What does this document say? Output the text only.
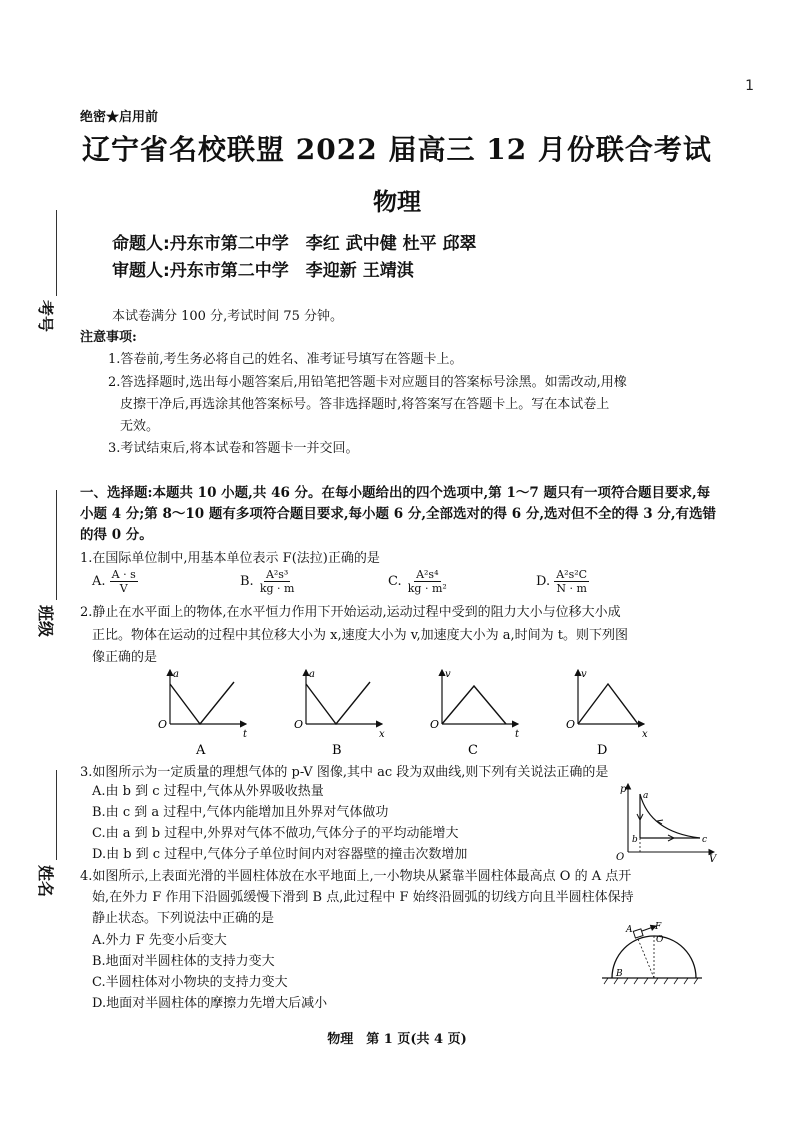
1
绝密★启用前
辽宁省名校联盟 2022 届高三 12 月份联合考试
物理
命题人:丹东市第二中学　李红 武中健 杜平 邱翠
审题人:丹东市第二中学　李迎新 王靖淇
考号
班级
姓名
本试卷满分 100 分,考试时间 75 分钟。
注意事项:
1.答卷前,考生务必将自己的姓名、准考证号填写在答题卡上。
2.答选择题时,选出每小题答案后,用铅笔把答题卡对应题目的答案标号涂黑。如需改动,用橡
皮擦干净后,再选涂其他答案标号。答非选择题时,将答案写在答题卡上。写在本试卷上
无效。
3.考试结束后,将本试卷和答题卡一并交回。
一、选择题:本题共 10 小题,共 46 分。在每小题给出的四个选项中,第 1～7 题只有一项符合题目要求,每小题 4 分;第 8～10 题有多项符合题目要求,每小题 6 分,全部选对的得 6 分,选对但不全的得 3 分,有选错的得 0 分。
1.在国际单位制中,用基本单位表示 F(法拉)正确的是
A. $\frac{A \cdot s}{V}$	B. $\frac{\text{A²s³}}{kg \cdot m}$	C. $\frac{\text{A²s⁴}}{\text{kg · m²}}$	D. $\frac{\text{A²s²C}}{N \cdot m}$
2.静止在水平面上的物体,在水平恒力作用下开始运动,运动过程中受到的阻力大小与位移大小成
正比。物体在运动的过程中其位移大小为 x,速度大小为 v,加速度大小为 a,时间为 t。则下列图
像正确的是
a
t
O
a
x
O
v
t
O
v
x
O
A	B	C	D
3.如图所示为一定质量的理想气体的 p-V 图像,其中 ac 段为双曲线,则下列有关说法正确的是
A.由 b 到 c 过程中,气体从外界吸收热量
B.由 c 到 a 过程中,气体内能增加且外界对气体做功
C.由 a 到 b 过程中,外界对气体不做功,气体分子的平均动能增大
D.由 b 到 c 过程中,气体分子单位时间内对容器壁的撞击次数增加
p
V
O
a
b	c
4.如图所示,上表面光滑的半圆柱体放在水平地面上,一小物块从紧靠半圆柱体最高点 O 的 A 点开
始,在外力 F 作用下沿圆弧缓慢下滑到 B 点,此过程中 F 始终沿圆弧的切线方向且半圆柱体保持
静止状态。下列说法中正确的是
A.外力 F 先变小后变大
B.地面对半圆柱体的支持力变大
C.半圆柱体对小物块的支持力变大
D.地面对半圆柱体的摩擦力先增大后减小
A	F
O
B
物理　第 1 页(共 4 页)
